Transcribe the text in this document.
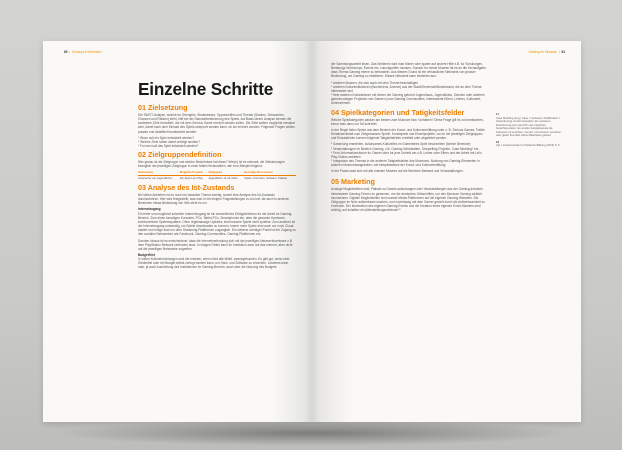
60  |  Konzept & Methoden
Einzelne Schritte
01 Zielsetzung

Die SWOT-Analyse, welche fur Strengths, Weaknesses, Opportunities und Threats (Starken, Schwachen, Chancen und Risiken) steht, hilft bei der Standortbestimmung des Spiels. Auf Basis dieser Analyse werden die konkreten Ziele formuliert, die mit dem Serious Game erreicht werden sollen. Die Ziele sollten moglichst messbar sein, damit nach dem Einsatz des Spiels uberpruft werden kann, ob sie erreicht wurden. Folgende Fragen sollten prazise und detailliert beantwortet werden:

* Wozu soll ein Spiel entwickelt werden?

* Welche Ziele sollen damit verfolgt werden?

* Fur wen soll das Spiel entwickelt werden?

02 Zielgruppendefinition

Wer genau ist die Zielgruppe und welche Bedurfnisse hat diese? Wer(n) ist es relevant, die Zielsetzungen bezuglich der jeweiligen Zielgruppe in einer Matrix festzuhalten, wie zum Beispiel folgend:

Zielsetzung	Mogliche Projekte	Zielgruppe	Benotigte Ressourcen
Ansprache von Jugendlichen	Ein Spiel Let's Play	Jugendliche 14-19 Jahre	Spiele, Konsolen, Software, Plakate
03 Analyse des Ist-Zustands

Bei vielen Anbietern ist es noch nie dasselbe Thema wichtig, soweit eine Analyse des Ist-Zustands durchzufuhren. Hier wird festgestellt, was man in mit einigen Fragestellungen zu tun hat, die auch in anderen Bereichen etwas Bedeutung hat. Wie steht es um

Internetzugang

Ein freier und moglichst schneller Internetzugang ist ein wesentliches Erfolgskriterium fur die Arbeit im Gaming-Bereich. Zum einen benotigen Konsolen, PCs, Tablet-PCs, Smartphones etc. aber die gesamte Hardware, kontinuierliche Systemupdates. Ohne regelmassige Updates, sind manche Spiele nicht spielbar. Zum anderen ist der Internetzugang notwendig, um Spiele downloaden zu konnen. Immer mehr Spiele sind auch nur noch Cloud-basiert und einige sind nur uber Streaming-Plattformen zuganglich. Ein weiterer wichtiger Punkt ist der Zugang zu den sozialen Netzwerken wie Facebook, Gaming-Communities, Gaming-Plattformen etc.

Daruber hinaus ist es entscheidend, dass die Internetverbindung sich mit der jeweiligen Netzwerkhardware z.B. dem PlayStation Network verbinden lasst. In einigen Fallen kann Ihr Institution zwar auf das Internet, aber nicht auf die jeweiligen Netzwerke zugreifen.

Budgetfrist

In vielen Kultureinrichtungen sind die meisten, wenn nicht alle Mittel, zweckgebunden. Es gibt gut, wenn uber Geldmittel oder ein Budget selbst verfugt werden kann, um Hard- und Software zu erwerben. Letzteres kann man, ja auch Ausrichtung des Institutionen im Gaming-Bereich, auch uber die Nutzung des Budgets

Gaming im Museum  |  61

der Sammlungsarbeit lesen. Das Weiterein wird man frisher oder spater auf andere Hilfe z.B. fur Schulungen, Beratungs-Workshops, Events etc. zuruckgreifen mussen. Sonach fur meine Museen ist es an die Kernaufgabe, dass Thema Gaming ebene zu behandeln. Aus diesem Grund ist ein verlasslicher Netzwerk von grosser Bedeutung, um Gaming zu etablieren. Dieses Netzwerk kann bestehen aus:

* anderen Museen, die sich auch mit dem Thema beschaftigen

* anderen Kulturinstitutionen (Bucheriens, Archive) aus der Stadt/Gemeinde/Bundesland, die an dem Thema interessiert sind

* freie anderen Kulturakteure mit denen der Gaming gebuhrt Jugendhaus, Jugendklubs, Schulen oder anderen gemeinnutzigen Projekten von Gamern (zum Gaming-Communities, interessierte Eltern, Lehrers, Kulturamt, Unternehmen.

04 Spielkategorien und Tatigkeitsfelder

Welche Spielkategorien passen am besten zum Museum bzw. Vorhaben? Diese Frage gilt es zu beantworten, bevor man dazu zur Tat schreitet.

In der Regel fallen Spiele aus dem Bereich der Kunst- und Kulturvermittlung unter z. B. Serious Games, Trailer, Kreativwerkstatt zum Zeitgemasses Spiele, Kunstspiele und Einzelprojekte, wo fur die jeweiligen Zielgruppen- und Einsatzfelder konnen folgende Tatigkeitsfelder ermittelt oder abgeleitet werden:

* Sammlung erarbeiten, kultursames Kulturelles im Game/eines Spiel beschreiben (kleine/ Bereiche)

* Veranstaltungen im Bereich Gaming, z.B. Gaming-Werkstatten, Storytelling-Projekte, Case Modding* etc.

* Fern-/Informationsforum fur Gamer oder fur jene Umfeld am z.B. Lehrer oder Eltern und der Arbeit mit Let's Play-Videos anbieten

* Integration des Themas in die anderen Tatigkeitsfelder des Museums: Nutzung von Gaming-Elementen in anderen Museumsangeboten, wie beispielsweise der Kunst- und Kulturvermittlung

In der Praxis lasst sich mit alle meisten Museen auf die Bereiche Bestand und Veranstaltungen.

05 Marketing

Analoge Moglichkeiten sind: Plakate zu Games aufzuhangen oder Veranstaltungen aus der Gaming-Industrie, interessierte Gaming-Firmen zu gewinnen, um die deutschen Zeitschriften, um den Museum Gaming wirklich einzusetzen. Digitale Moglichkeiten sind soziale Media-Plattformen auf die eigenen Gaming Websites. Die Zielgruppe im Netz aufmerksam machen, und zuverlassig mit dem Gamer gezielt durch die Aufmerksamkeit zu erreichen. Der Moderation des eigenen Gaming-Events und die Kreation eines eigenen Event-Namens sind wichtig, auf schaffen ein Alleinstellungsmerkmal.**

17
Case Modding (eng.) Case = Gehause. Modification = Veranderung) ist das Verandern der ausseren Erscheinung einer des PCs aus optischen Gesichtspunkten. Es werden beispielsweise die Gehause mit Leuchten, bemalt, mit Fenstern versehen oder gleich komplett selbst Materialien gebaut.

18
Vgl. Landeszentrale fur Politische Bildung (2016) S. 6
